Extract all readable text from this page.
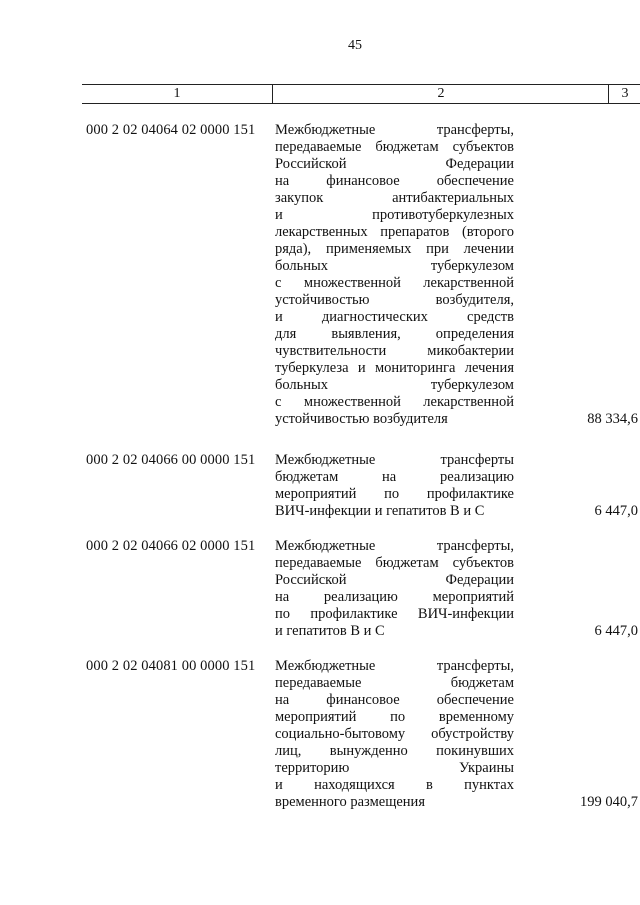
45
1	2	3
000 2 02 04064 02 0000 151 Межбюджетные трансферты,
передаваемые бюджетам субъектов
Российской Федерации
на финансовое обеспечение
закупок антибактериальных
и противотуберкулезных
лекарственных препаратов (второго
ряда), применяемых при лечении
больных туберкулезом
с множественной лекарственной
устойчивостью возбудителя,
и диагностических средств
для выявления, определения
чувствительности микобактерии
туберкулеза и мониторинга лечения
больных туберкулезом
с множественной лекарственной
устойчивостью возбудителя	88 334,6
000 2 02 04066 00 0000 151 Межбюджетные трансферты
бюджетам на реализацию
мероприятий по профилактике
ВИЧ-инфекции и гепатитов В и С	6 447,0
000 2 02 04066 02 0000 151 Межбюджетные трансферты,
передаваемые бюджетам субъектов
Российской Федерации
на реализацию мероприятий
по профилактике ВИЧ-инфекции
и гепатитов В и С	6 447,0
000 2 02 04081 00 0000 151 Межбюджетные трансферты,
передаваемые бюджетам
на финансовое обеспечение
мероприятий по временному
социально-бытовому обустройству
лиц, вынужденно покинувших
территорию Украины
и находящихся в пунктах
временного размещения	199 040,7
